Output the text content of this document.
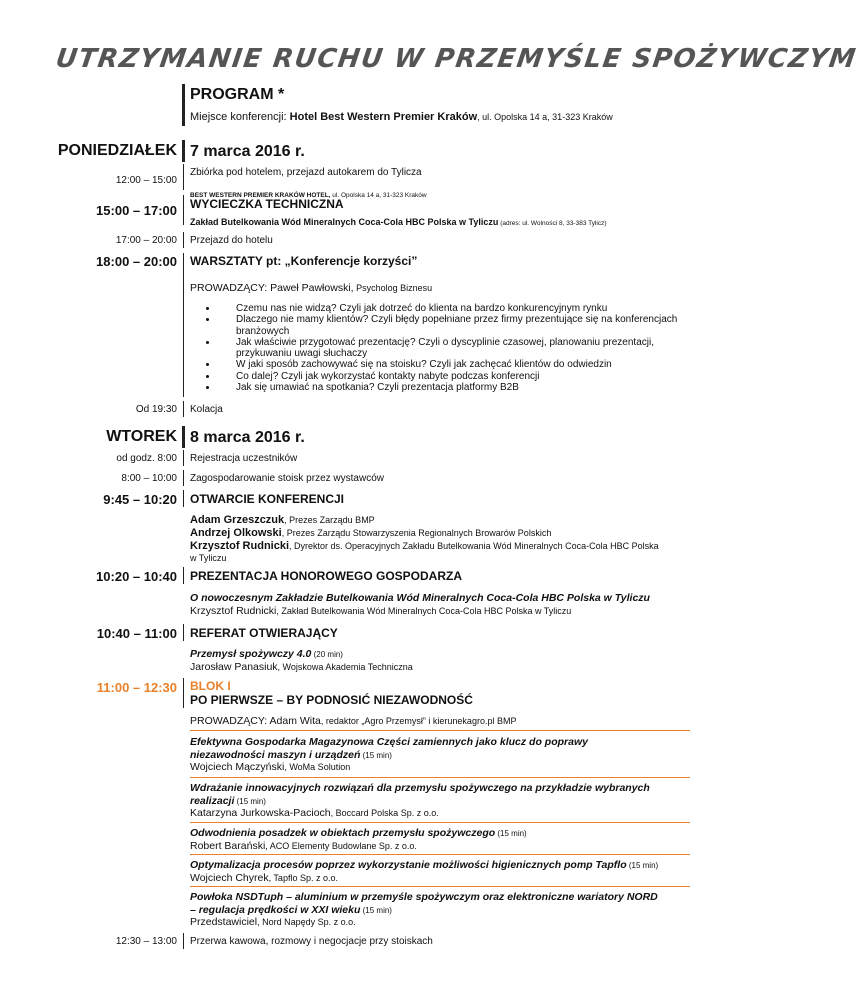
UTRZYMANIE RUCHU W PRZEMYŚLE SPOŻYWCZYM
PROGRAM *
Miejsce konferencji: Hotel Best Western Premier Kraków, ul. Opolska 14 a, 31-323 Kraków
PONIEDZIAŁEK 7 marca 2016 r.
12:00 – 15:00
Zbiórka pod hotelem, przejazd autokarem do Tylicza
BEST WESTERN PREMIER KRAKÓW HOTEL, ul. Opolska 14 a, 31-323 Kraków
15:00 – 17:00 WYCIECZKA TECHNICZNA
Zakład Butelkowania Wód Mineralnych Coca-Cola HBC Polska w Tyliczu (adres: ul. Wolności 8, 33-383 Tylicz)
17:00 – 20:00 Przejazd do hotelu
18:00 – 20:00 WARSZTATY pt: „Konferencje korzyści”
PROWADZĄCY: Paweł Pawłowski, Psycholog Biznesu
Czemu nas nie widzą? Czyli jak dotrzeć do klienta na bardzo konkurencyjnym rynku
Dlaczego nie mamy klientów? Czyli błędy popełniane przez firmy prezentujące się na konferencjach
branżowych
Jak właściwie przygotować prezentację? Czyli o dyscyplinie czasowej, planowaniu prezentacji,
przykuwaniu uwagi słuchaczy
W jaki sposób zachowywać się na stoisku? Czyli jak zachęcać klientów do odwiedzin
Co dalej? Czyli jak wykorzystać kontakty nabyte podczas konferencji
Jak się umawiać na spotkania? Czyli prezentacja platformy B2B
Od 19:30 Kolacja
WTOREK 8 marca 2016 r.
od godz. 8:00 Rejestracja uczestników
8:00 – 10:00 Zagospodarowanie stoisk przez wystawców
9:45 – 10:20 OTWARCIE KONFERENCJI
Adam Grzeszczuk, Prezes Zarządu BMP
Andrzej Olkowski, Prezes Zarządu Stowarzyszenia Regionalnych Browarów Polskich
Krzysztof Rudnicki, Dyrektor ds. Operacyjnych Zakładu Butelkowania Wód Mineralnych Coca-Cola HBC Polska
w Tyliczu
10:20 – 10:40 PREZENTACJA HONOROWEGO GOSPODARZA
O nowoczesnym Zakładzie Butelkowania Wód Mineralnych Coca-Cola HBC Polska w Tyliczu
Krzysztof Rudnicki, Zakład Butelkowania Wód Mineralnych Coca-Cola HBC Polska w Tyliczu
10:40 – 11:00 REFERAT OTWIERAJĄCY
Przemysł spożywczy 4.0 (20 min)
Jarosław Panasiuk, Wojskowa Akademia Techniczna
11:00 – 12:30 BLOK I
PO PIERWSZE – BY PODNOSIĆ NIEZAWODNOŚĆ
PROWADZĄCY: Adam Wita, redaktor „Agro Przemysł” i kierunekagro.pl BMP
Efektywna Gospodarka Magazynowa Części zamiennych jako klucz do poprawy
niezawodności maszyn i urządzeń (15 min)
Wojciech Mączyński, WoMa Solution
Wdrażanie innowacyjnych rozwiązań dla przemysłu spożywczego na przykładzie wybranych
realizacji (15 min)
Katarzyna Jurkowska-Pacioch, Boccard Polska Sp. z o.o.
Odwodnienia posadzek w obiektach przemysłu spożywczego (15 min)
Robert Barański, ACO Elementy Budowlane Sp. z o.o.
Optymalizacja procesów poprzez wykorzystanie możliwości higienicznych pomp Tapflo (15 min)
Wojciech Chyrek, Tapflo Sp. z o.o.
Powłoka NSDTuph – aluminium w przemyśle spożywczym oraz elektroniczne wariatory NORD
– regulacja prędkości w XXI wieku (15 min)
Przedstawiciel, Nord Napędy Sp. z o.o.
12:30 – 13:00 Przerwa kawowa, rozmowy i negocjacje przy stoiskach
